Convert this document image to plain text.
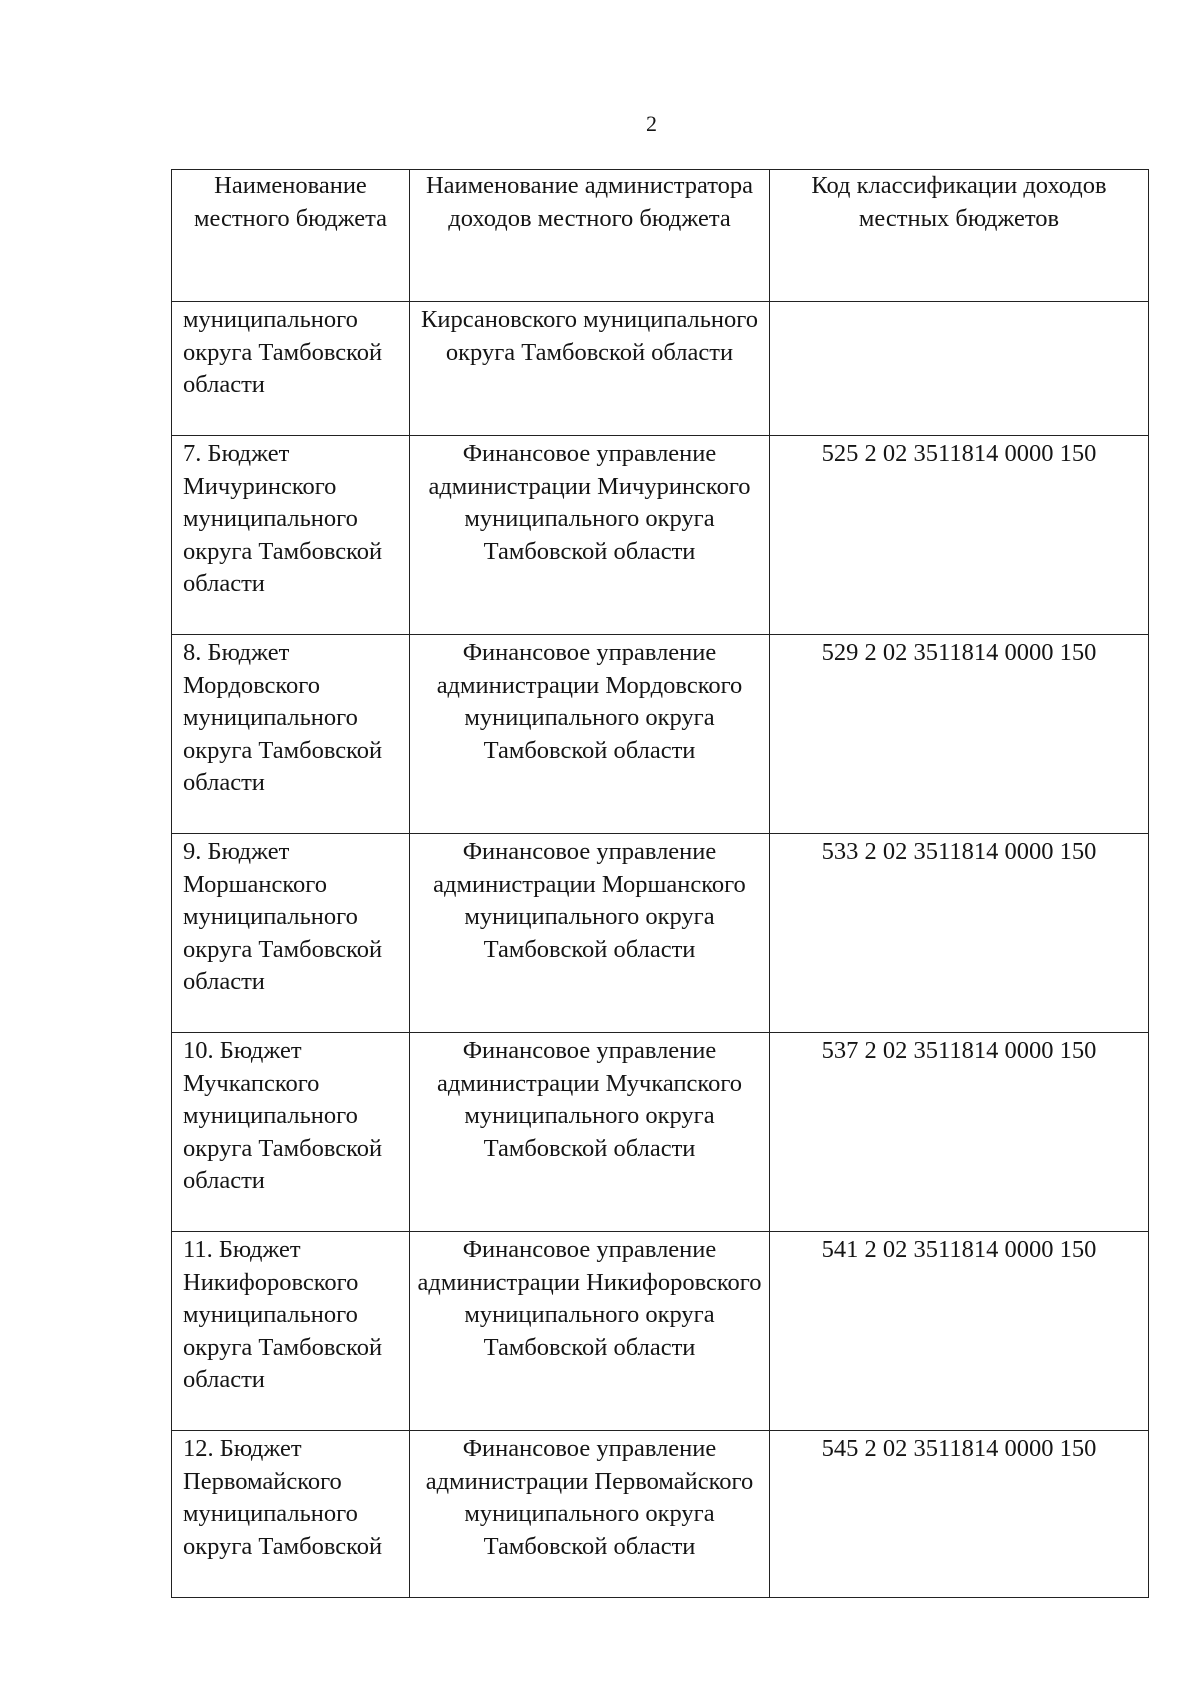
2
Наименование местного бюджета	Наименование администратора доходов местного бюджета	Код классификации доходов местных бюджетов

муниципального округа Тамбовской области	Кирсановского муниципального округа Тамбовской области	
7. Бюджет Мичуринского муниципального округа Тамбовской области	Финансовое управление администрации Мичуринского муниципального округа Тамбовской области	525 2 02 3511814 0000 150
8. Бюджет Мордовского муниципального округа Тамбовской области	Финансовое управление администрации Мордовского муниципального округа Тамбовской области	529 2 02 3511814 0000 150
9. Бюджет Моршанского муниципального округа Тамбовской области	Финансовое управление администрации Моршанского муниципального округа Тамбовской области	533 2 02 3511814 0000 150
10. Бюджет Мучкапского муниципального округа Тамбовской области	Финансовое управление администрации Мучкапского муниципального округа Тамбовской области	537 2 02 3511814 0000 150
11. Бюджет Никифоровского муниципального округа Тамбовской области	Финансовое управление администрации Никифоровского муниципального округа Тамбовской области	541 2 02 3511814 0000 150
12. Бюджет Первомайского муниципального округа Тамбовской	Финансовое управление администрации Первомайского муниципального округа Тамбовской области	545 2 02 3511814 0000 150
